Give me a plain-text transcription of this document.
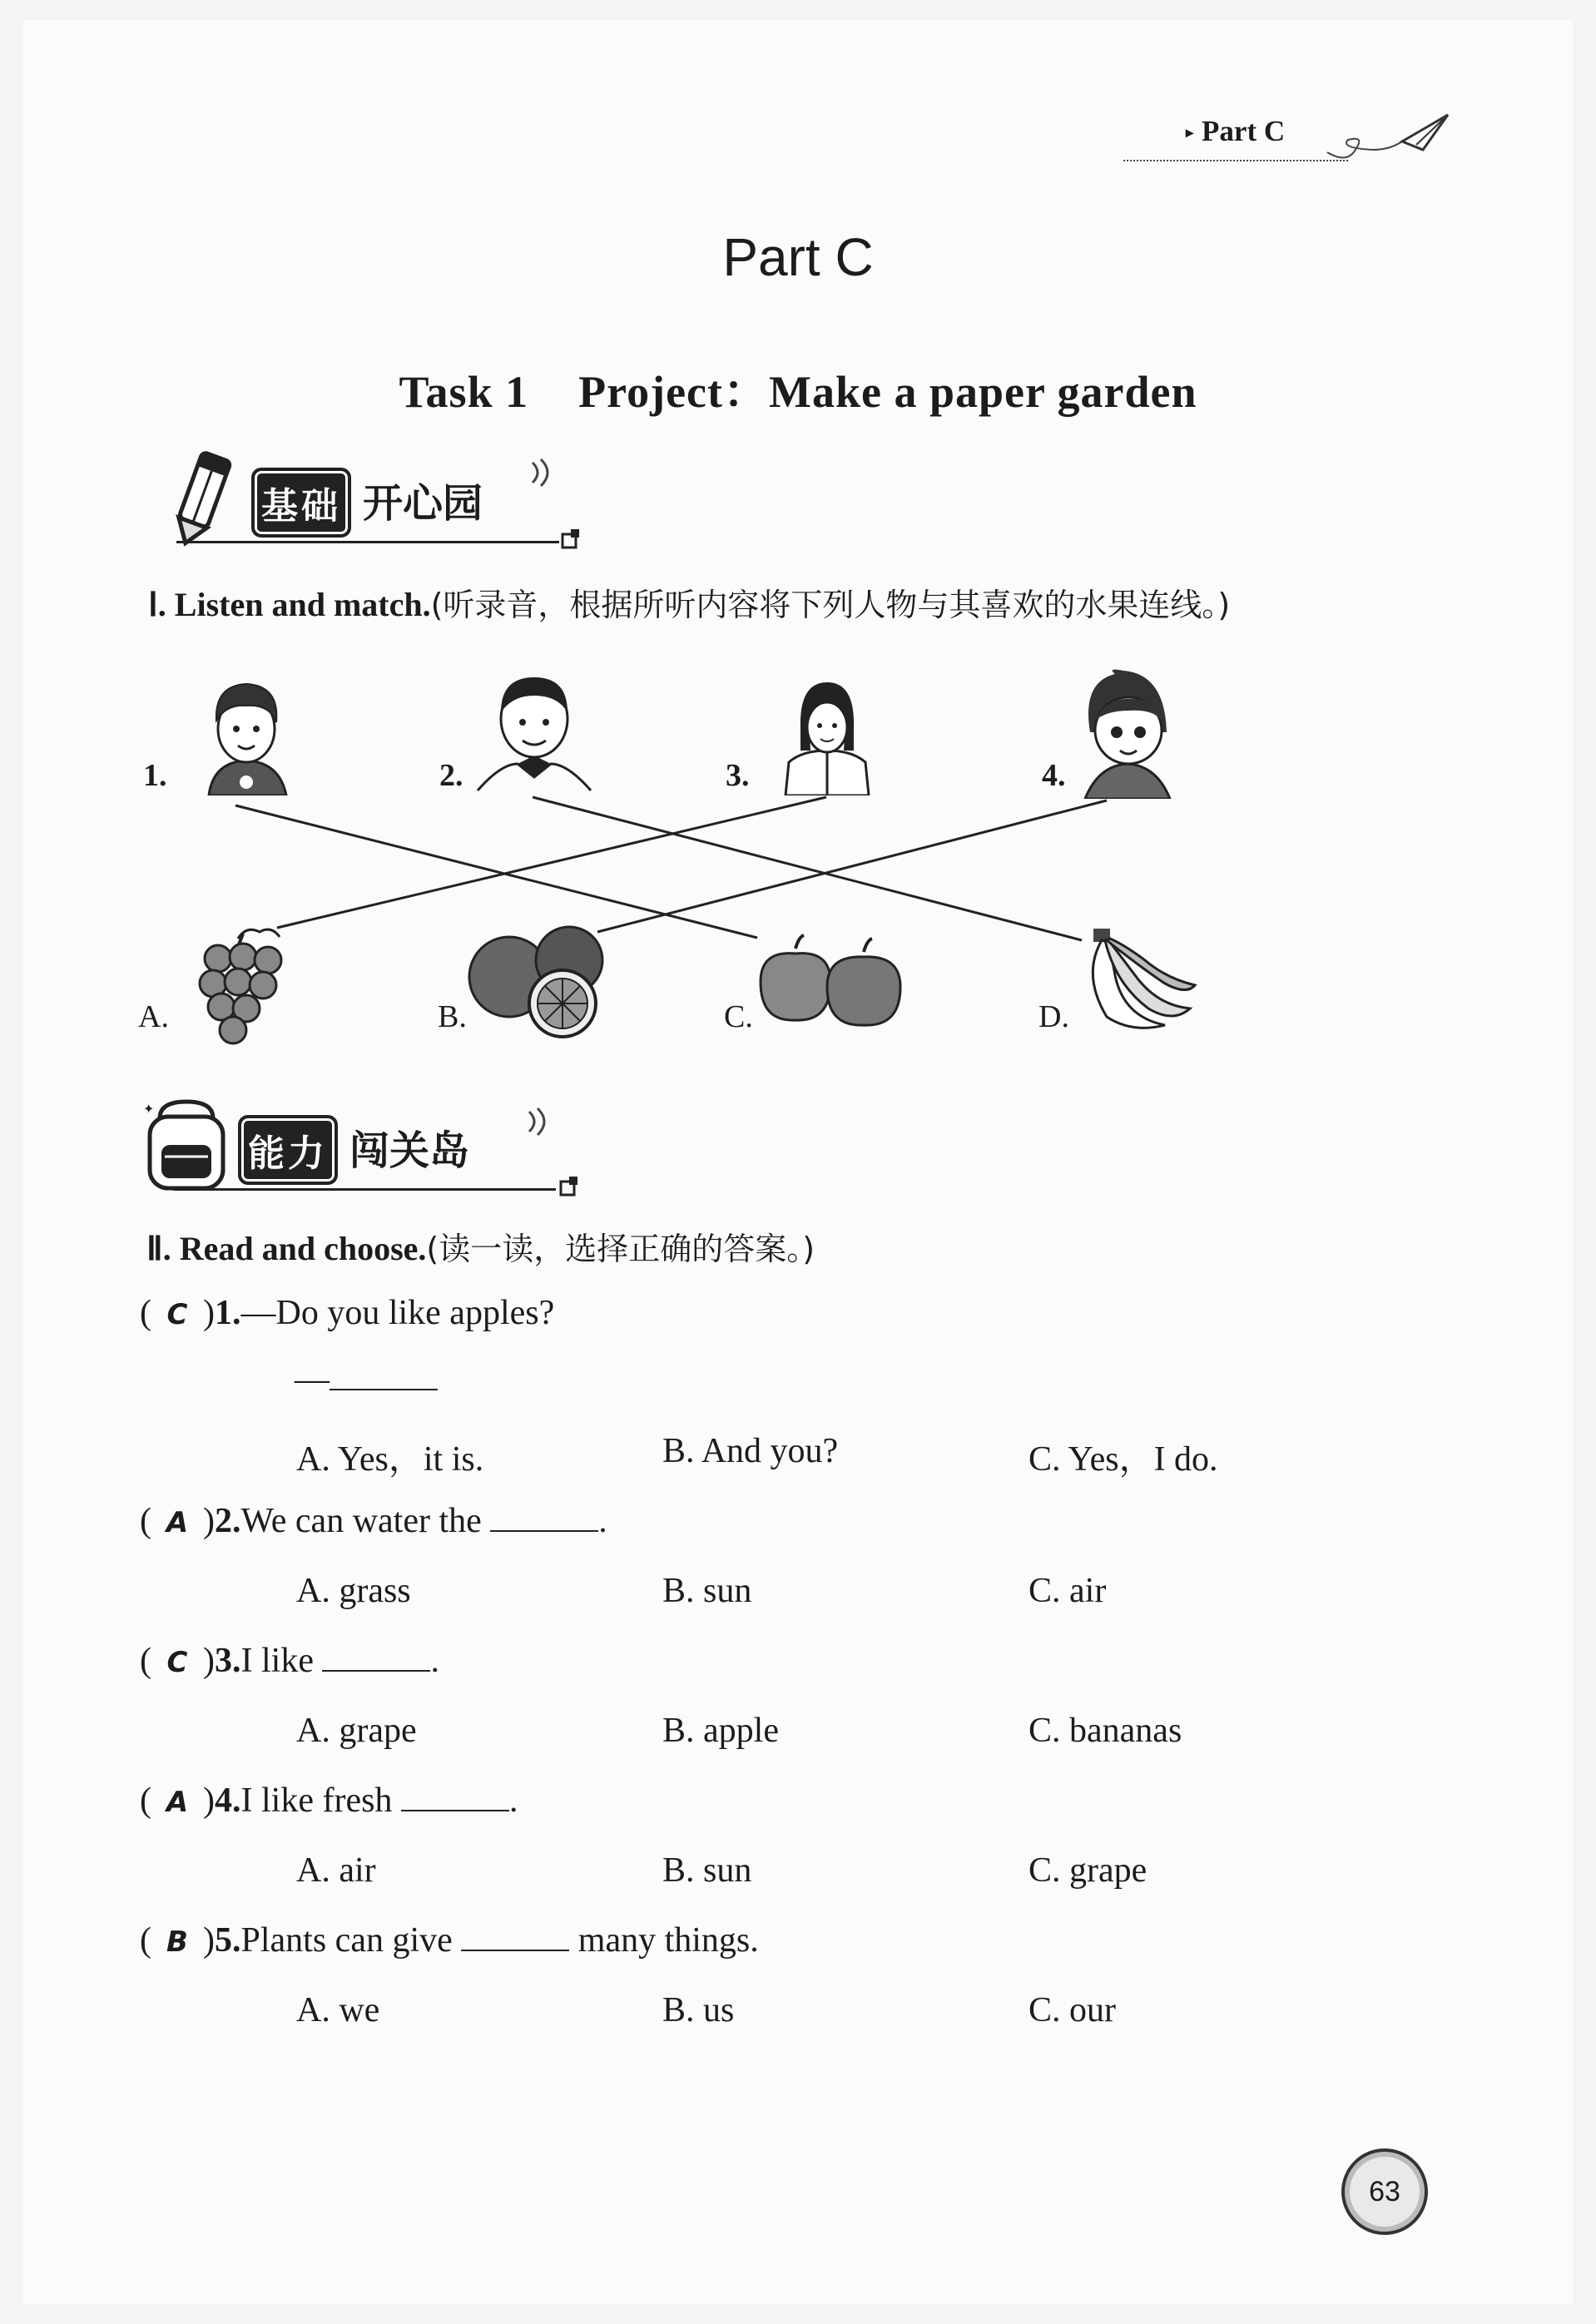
▸ Part C
Part C
Task 1 Project：Make a paper garden
基础 开心园
Ⅰ. Listen and match.(听录音，根据所听内容将下列人物与其喜欢的水果连线。)
1.	2.	3.	4.
A.	B.	C.	D.
✦
能力 闯关岛
Ⅱ. Read and choose.(读一读，选择正确的答案。)
( C )1.—Do you like apples?
—
A. Yes，it is.	B. And you?	C. Yes，I do.
( A )2.We can water the	.
A. grass	B. sun	C. air
( C )3.I like	.
A. grape	B. apple	C. bananas
( A )4.I like fresh	.
A. air	B. sun	C. grape
( B )5.Plants can give	many things.
A. we	B. us	C. our
63
